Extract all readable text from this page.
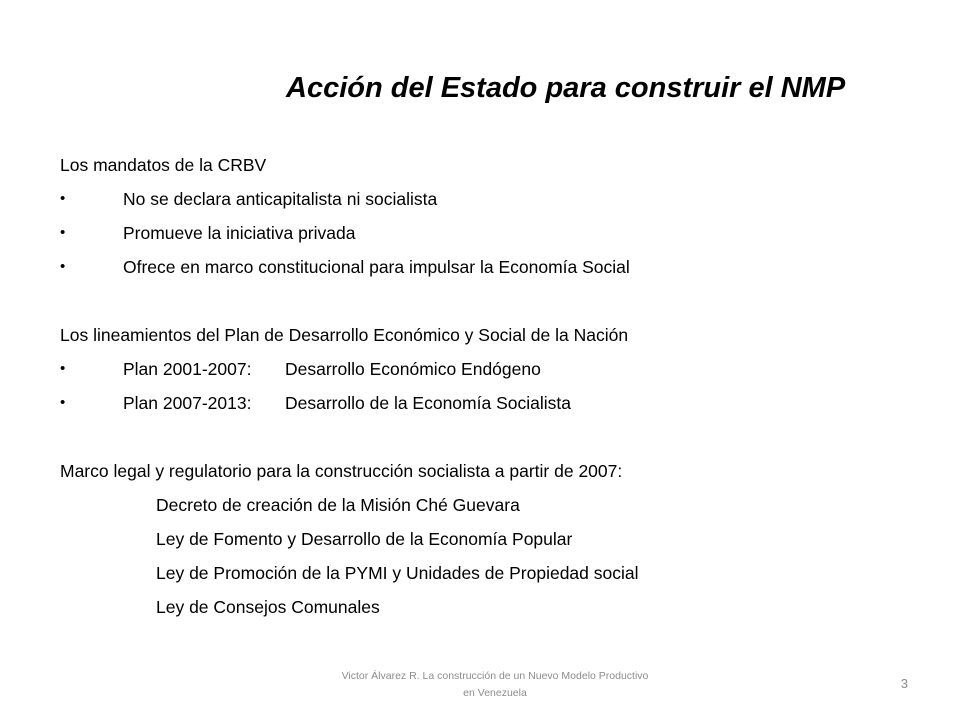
Acción del Estado para construir el NMP
Los mandatos de la CRBV
•	No se declara anticapitalista ni socialista
•	Promueve la iniciativa privada
•	Ofrece en marco constitucional para impulsar la Economía Social
Los lineamientos del Plan de Desarrollo Económico y Social de la Nación
•	Plan 2001-2007: Desarrollo Económico Endógeno
•	Plan 2007-2013: Desarrollo de la Economía Socialista
Marco legal y regulatorio para la construcción socialista a partir de 2007:
Decreto de creación de la Misión Ché Guevara
Ley de Fomento y Desarrollo de la Economía Popular
Ley de Promoción de la PYMI y Unidades de Propiedad social
Ley de Consejos Comunales
Victor Álvarez R. La construcción de un Nuevo Modelo Productivo
en Venezuela
3
